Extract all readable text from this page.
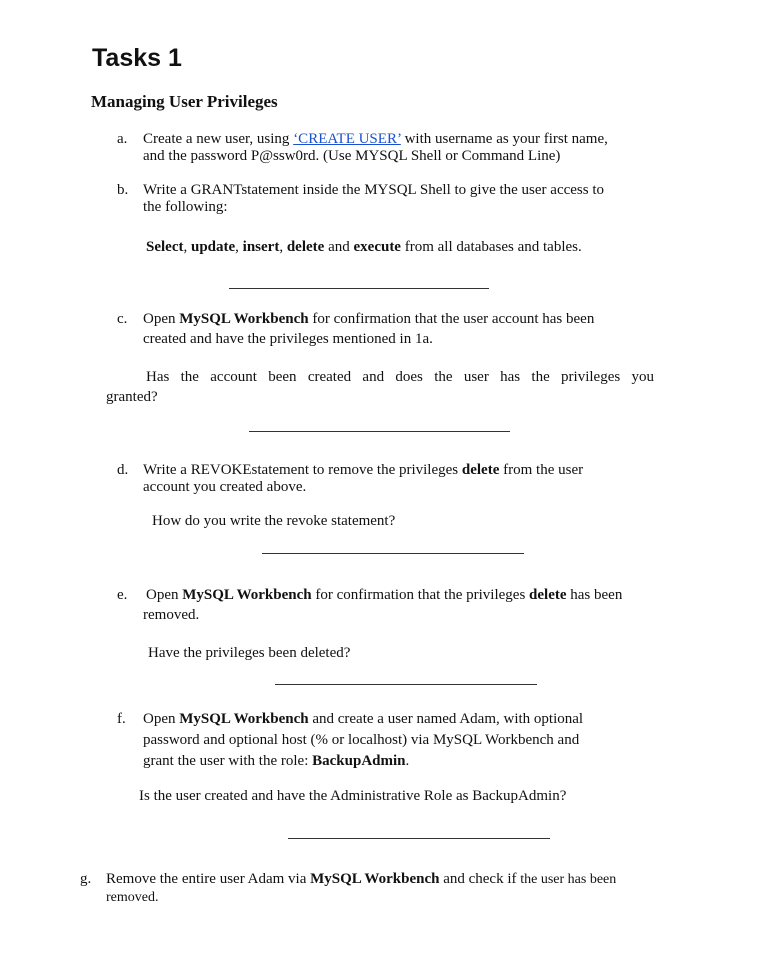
Tasks 1
Managing User Privileges
a. Create a new user, using ‘CREATE USER’ with username as your first name,
and the password P@ssw0rd. (Use MYSQL Shell or Command Line)
b. Write a GRANTstatement inside the MYSQL Shell to give the user access to
the following:
Select, update, insert, delete and execute from all databases and tables.
c. Open MySQL Workbench for confirmation that the user account has been
created and have the privileges mentioned in 1a.
Has the account been created and does the user has the privileges you
granted?
d. Write a REVOKEstatement to remove the privileges delete from the user
account you created above.
How do you write the revoke statement?
e. Open MySQL Workbench for confirmation that the privileges delete has been
removed.
Have the privileges been deleted?
f. Open MySQL Workbench and create a user named Adam, with optional
password and optional host (% or localhost) via MySQL Workbench and
grant the user with the role: BackupAdmin.
Is the user created and have the Administrative Role as BackupAdmin?
g. Remove the entire user Adam via MySQL Workbench and check if the user has been
removed.
